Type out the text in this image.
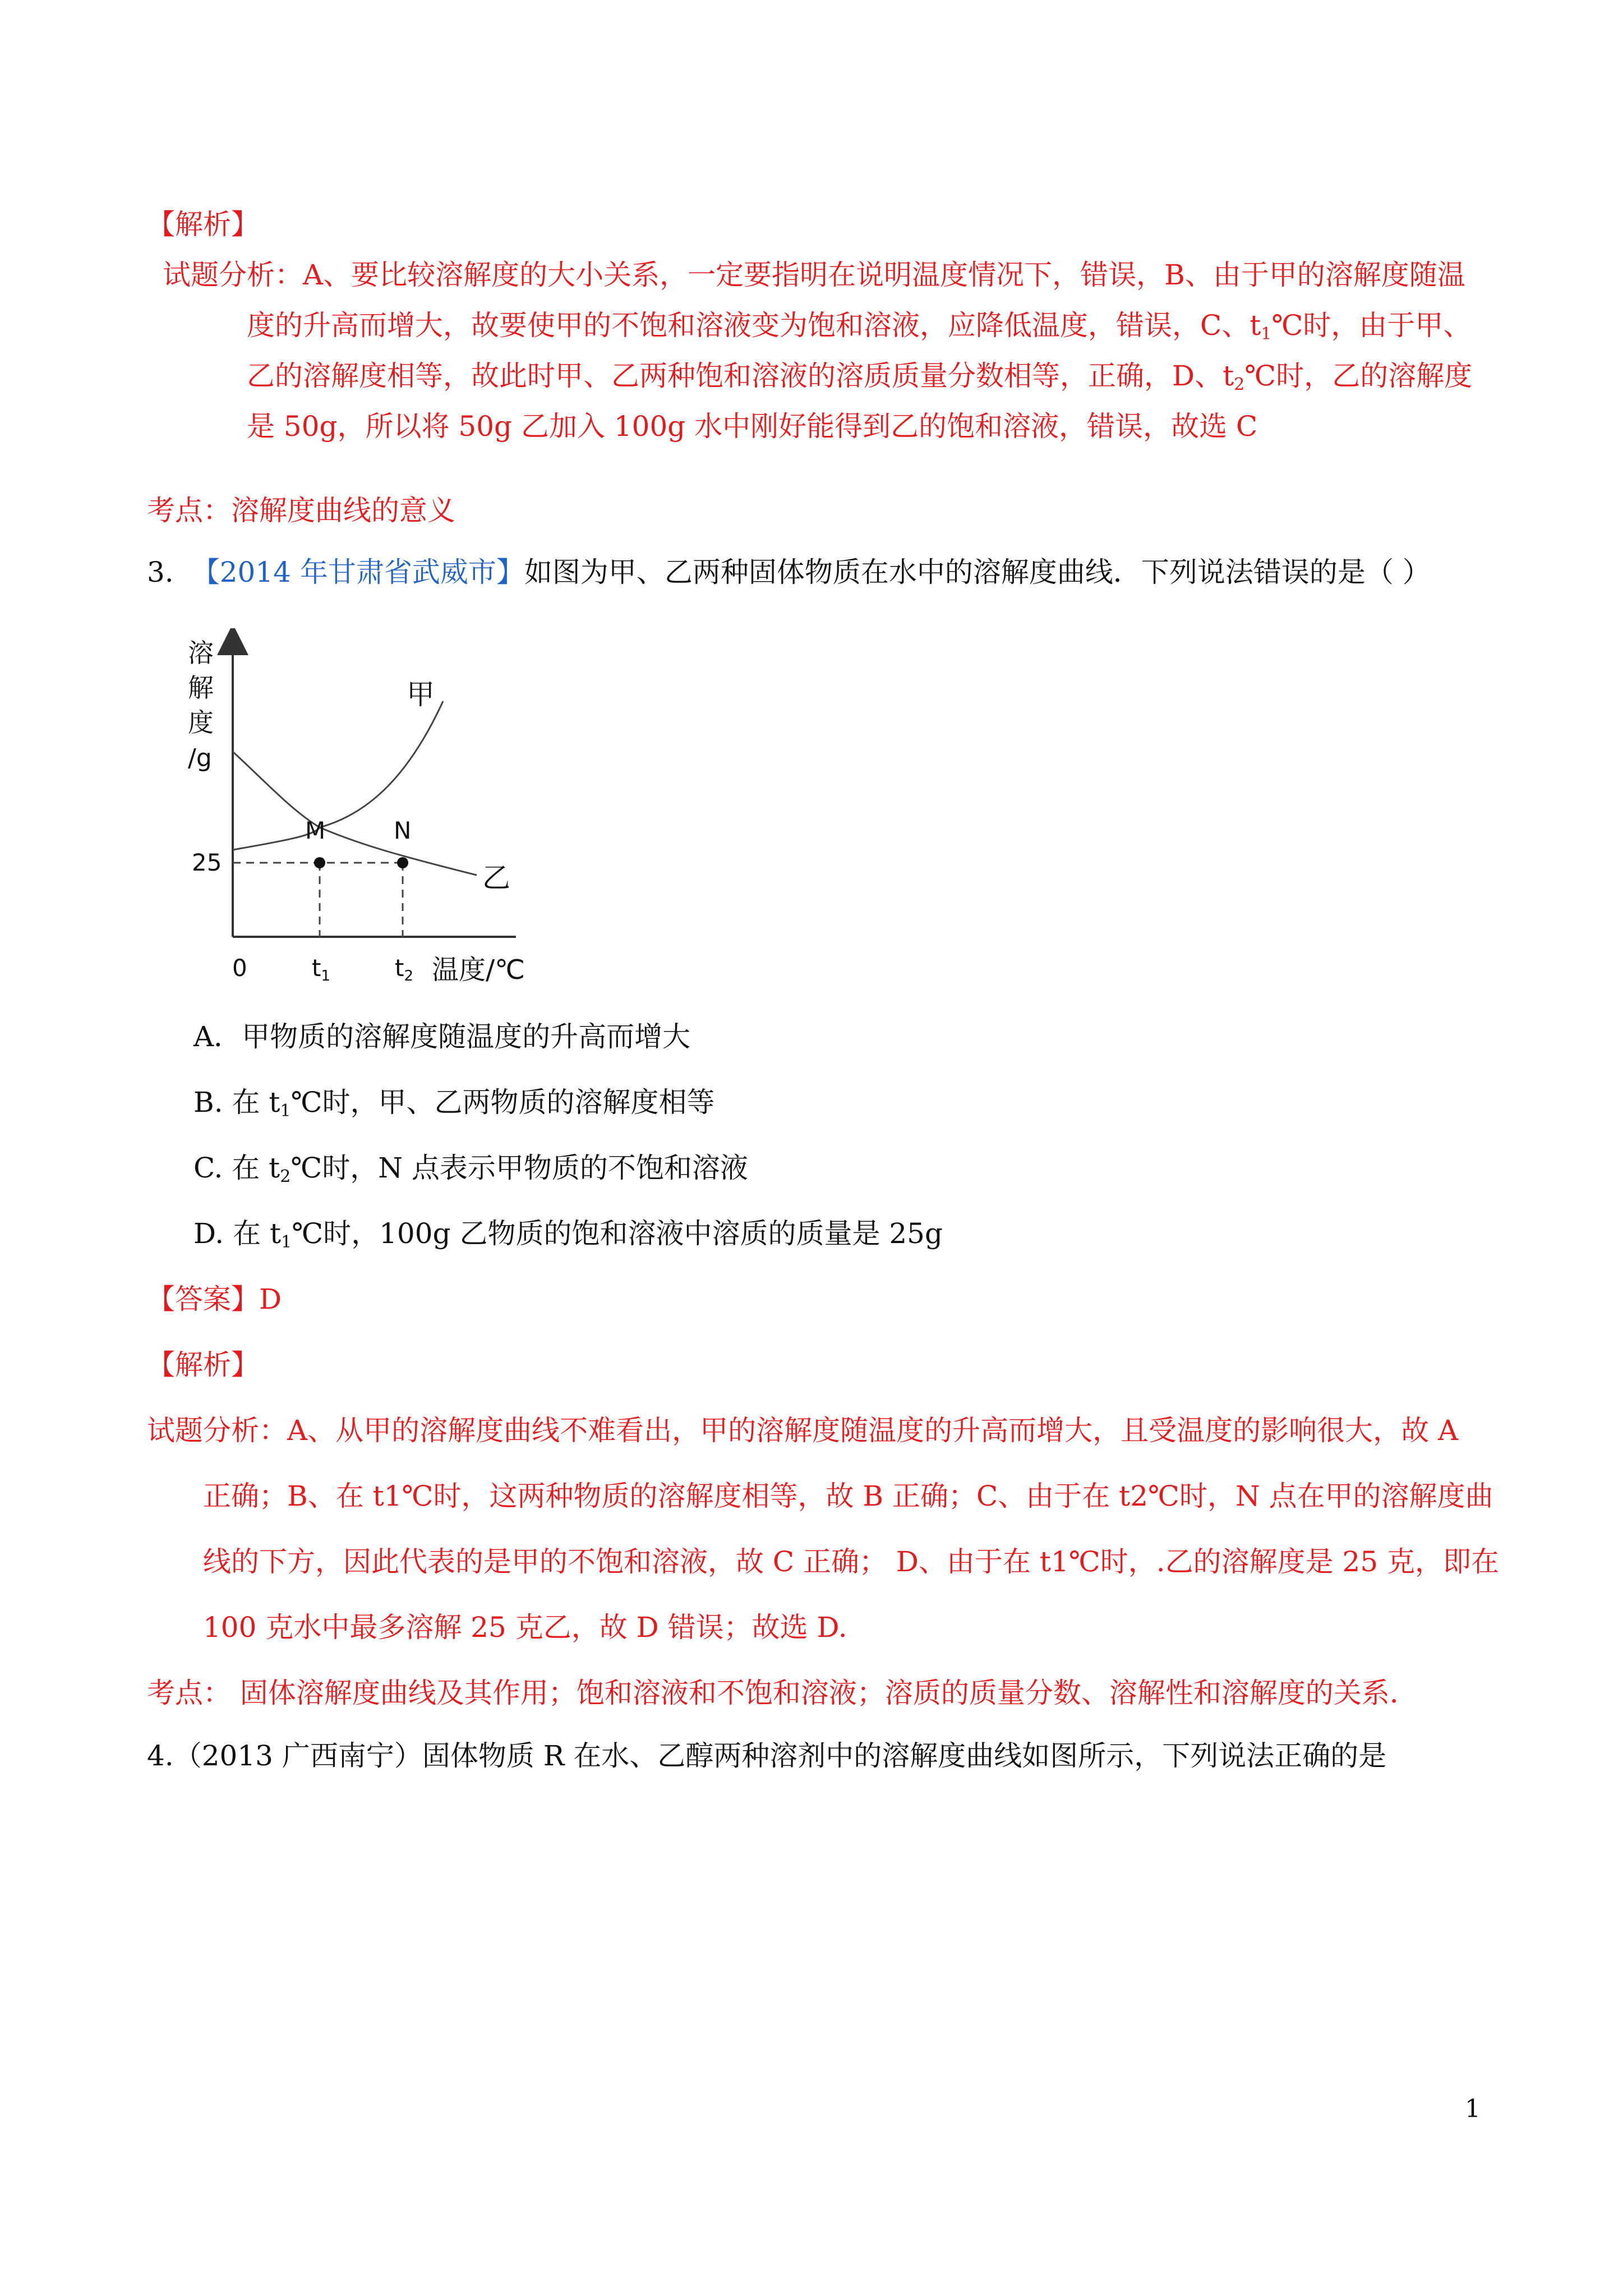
【解析】
试题分析：A、要比较溶解度的大小关系，一定要指明在说明温度情况下，错误，B、由于甲的溶解度随温
度的升高而增大，故要使甲的不饱和溶液变为饱和溶液，应降低温度，错误，C、$t_1℃$时，由于甲、
乙的溶解度相等，故此时甲、乙两种饱和溶液的溶质质量分数相等，正确，D、$t_2℃$时，乙的溶解度
是 50g，所以将 50g 乙加入 100g 水中刚好能得到乙的饱和溶液，错误，故选 C
考点：溶解度曲线的意义
3. 【2014 年甘肃省武威市】如图为甲、乙两种固体物质在水中的溶解度曲线．下列说法错误的是（ ）
溶
解
度
/g
M	N
甲
乙
25
0	t1	t2 温度/℃
A．甲物质的溶解度随温度的升高而增大
B. 在 $t_1℃$时，甲、乙两物质的溶解度相等
C. 在 $t_2℃$时，N 点表示甲物质的不饱和溶液
D. 在 $t_1℃$时，100g 乙物质的饱和溶液中溶质的质量是 25g
【答案】D
【解析】
试题分析：A、从甲的溶解度曲线不难看出，甲的溶解度随温度的升高而增大，且受温度的影响很大，故 A
正确；B、在 t1℃时，这两种物质的溶解度相等，故 B 正确；C、由于在 t2℃时，N 点在甲的溶解度曲
线的下方，因此代表的是甲的不饱和溶液，故 C 正确； D、由于在 t1℃时，.乙的溶解度是 25 克，即在
100 克水中最多溶解 25 克乙，故 D 错误；故选 D.
考点： 固体溶解度曲线及其作用；饱和溶液和不饱和溶液；溶质的质量分数、溶解性和溶解度的关系．
4.（2013 广西南宁）固体物质 R 在水、乙醇两种溶剂中的溶解度曲线如图所示，下列说法正确的是
1
